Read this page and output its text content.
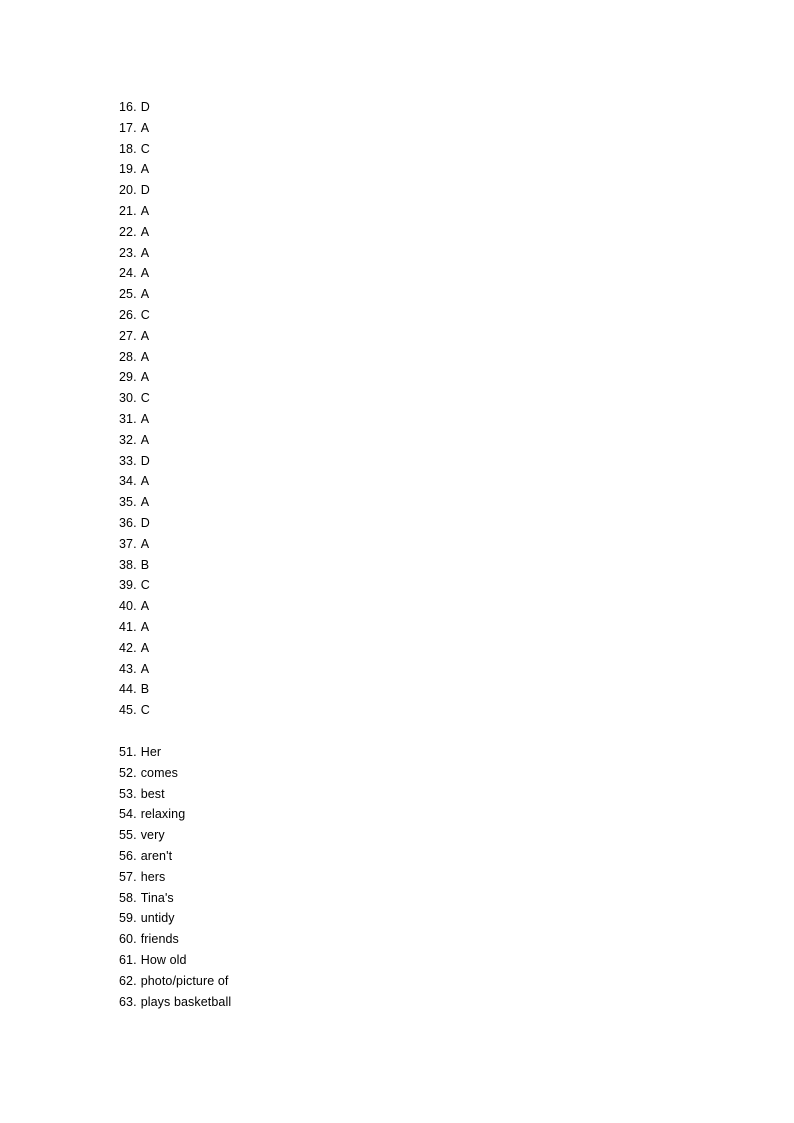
16. D
17. A
18. C
19. A
20. D
21. A
22. A
23. A
24. A
25. A
26. C
27. A
28. A
29. A
30. C
31. A
32. A
33. D
34. A
35. A
36. D
37. A
38. B
39. C
40. A
41. A
42. A
43. A
44. B
45. C
51. Her
52. comes
53. best
54. relaxing
55. very
56. aren't
57. hers
58. Tina's
59. untidy
60. friends
61. How old
62. photo/picture of
63. plays basketball
